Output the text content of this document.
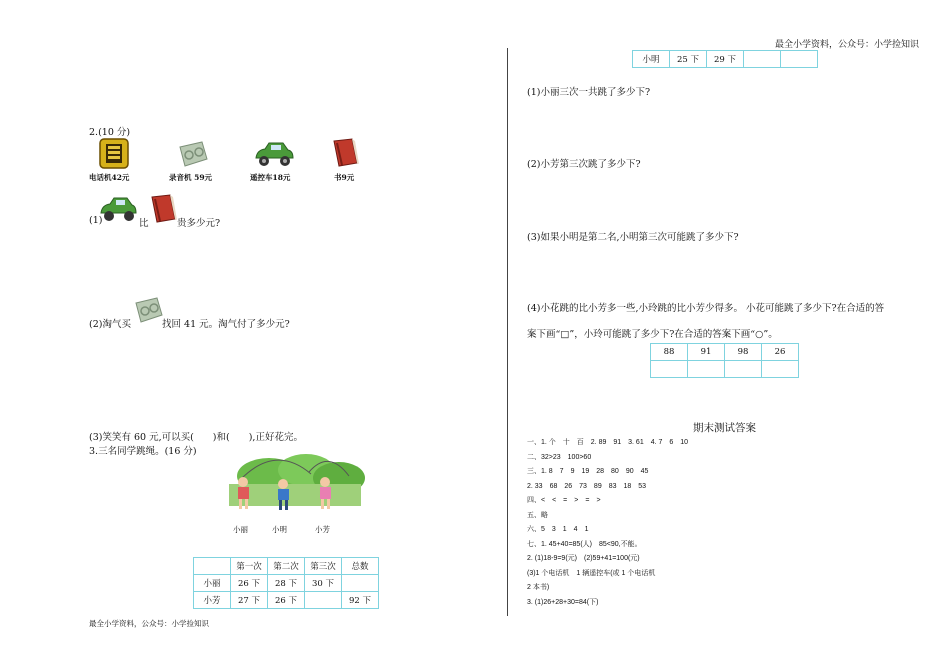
最全小学资料，公众号：小学捡知识
最全小学资料，公众号：小学捡知识
2.(10 分)
电话机42元	录音机 59元	遥控车18元	书9元
(1)	比	贵多少元?
(2)淘气买	找回 41 元。淘气付了多少元?
(3)笑笑有 60 元,可以买(　　)和(　　),正好花完。
3.三名同学跳绳。(16 分)
小丽	小明	小芳
	第一次	第二次	第三次	总数
小丽	26 下	28 下	30 下	
小芳	27 下	26 下		92 下
小明	25 下	29 下		
(1)小丽三次一共跳了多少下?
(2)小芳第三次跳了多少下?
(3)如果小明是第二名,小明第三次可能跳了多少下?
(4)小花跳的比小芳多一些,小玲跳的比小芳少得多。 小花可能跳了多少下?在合适的答
案下画“□”，小玲可能跳了多少下?在合适的答案下画“○”。
88	91	98	26

期末测试答案
一、1. 个　十　百　2. 89　91　3. 61　4. 7　6　10
二、32>23　100>60
三、1. 8　7　9　19　28　80　90　45
2. 33　68　26　73　89　83　18　53
四、<　<　=　>　=　>
五、略
六、5　3　1　4　1
七、1. 45+40=85(人)　85<90,不能。
2. (1)18-9=9(元)　(2)59+41=100(元)
(3)1 个电话机　1 辆遥控车(或 1 个电话机
2 本书)
3. (1)26+28+30=84(下)
